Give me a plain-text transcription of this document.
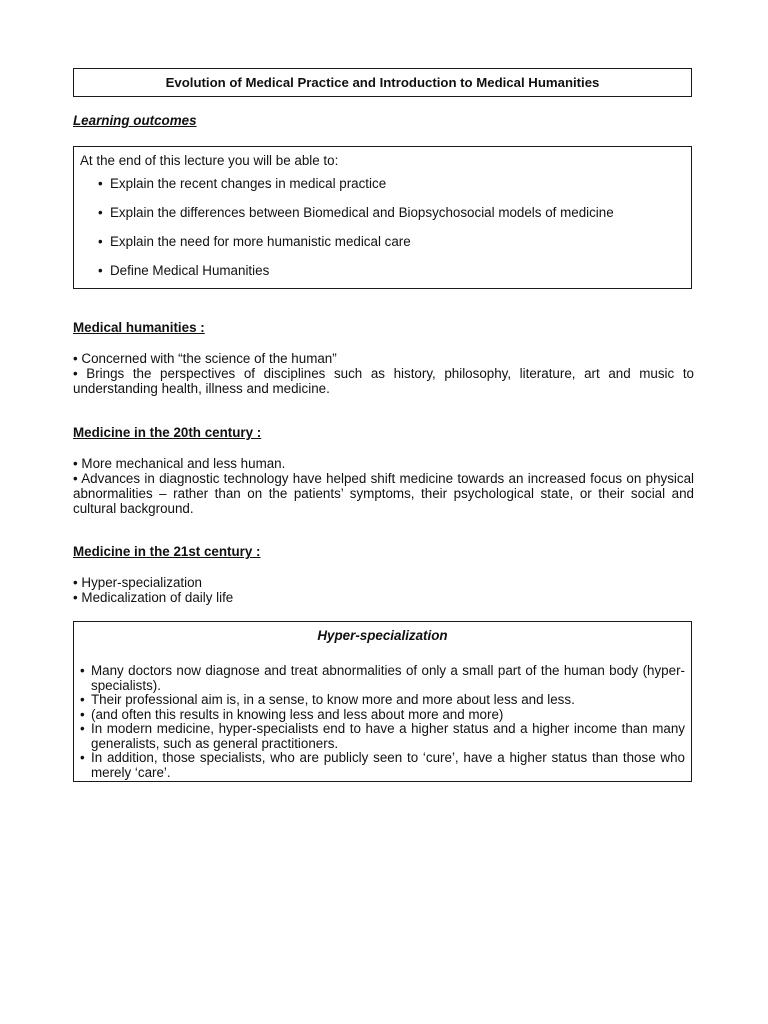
Evolution of Medical Practice and Introduction to Medical Humanities
Learning outcomes

At the end of this lecture you will be able to:

• Explain the recent changes in medical practice
• Explain the differences between Biomedical and Biopsychosocial models of medicine
• Explain the need for more humanistic medical care
• Define Medical Humanities
Medical humanities :
• Concerned with “the science of the human”
• Brings the perspectives of disciplines such as history, philosophy, literature, art and music to understanding health, illness and medicine.
Medicine in the 20th century :
• More mechanical and less human.
• Advances in diagnostic technology have helped shift medicine towards an increased focus on physical abnormalities – rather than on the patients’ symptoms, their psychological state, or their social and cultural background.
Medicine in the 21st century :
• Hyper-specialization
• Medicalization of daily life
Hyper-specialization
• Many doctors now diagnose and treat abnormalities of only a small part of the human body (hyper-specialists).
• Their professional aim is, in a sense, to know more and more about less and less.
• (and often this results in knowing less and less about more and more)
• In modern medicine, hyper-specialists end to have a higher status and a higher income than many generalists, such as general practitioners.
• In addition, those specialists, who are publicly seen to ‘cure’, have a higher status than those who merely ‘care’.
